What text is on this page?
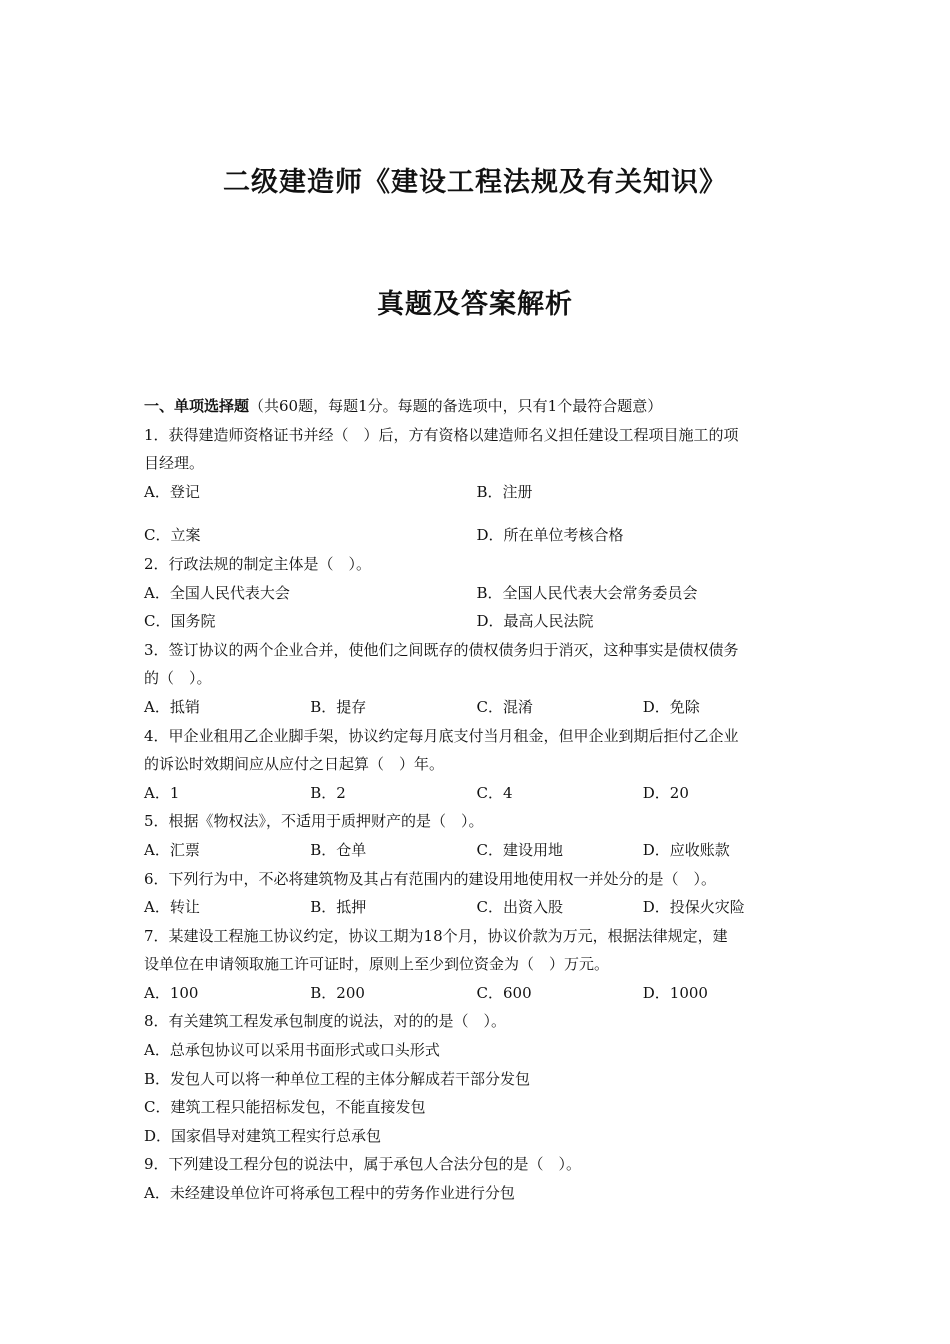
二级建造师《建设工程法规及有关知识》
真题及答案解析
一、单项选择题（共60题，每题1分。每题的备选项中，只有1个最符合题意）
1．获得建造师资格证书并经（　）后，方有资格以建造师名义担任建设工程项目施工的项
目经理。
A．登记	B．注册
C．立案	D．所在单位考核合格
2．行政法规的制定主体是（　）。
A．全国人民代表大会	B．全国人民代表大会常务委员会
C．国务院	D．最高人民法院
3．签订协议的两个企业合并，使他们之间既存的债权债务归于消灭，这种事实是债权债务
的（　）。
A．抵销	B．提存	C．混淆	D．免除
4．甲企业租用乙企业脚手架，协议约定每月底支付当月租金，但甲企业到期后拒付乙企业
的诉讼时效期间应从应付之日起算（　）年。
A．1	B．2	C．4	D．20
5．根据《物权法》，不适用于质押财产的是（　）。
A．汇票	B．仓单	C．建设用地	D．应收账款
6．下列行为中，不必将建筑物及其占有范围内的建设用地使用权一并处分的是（　）。
A．转让	B．抵押	C．出资入股	D．投保火灾险
7．某建设工程施工协议约定，协议工期为18个月，协议价款为万元，根据法律规定，建
设单位在申请领取施工许可证时，原则上至少到位资金为（　）万元。
A．100	B．200	C．600	D．1000
8．有关建筑工程发承包制度的说法，对的的是（　）。
A．总承包协议可以采用书面形式或口头形式
B．发包人可以将一种单位工程的主体分解成若干部分发包
C．建筑工程只能招标发包，不能直接发包
D．国家倡导对建筑工程实行总承包
9．下列建设工程分包的说法中，属于承包人合法分包的是（　）。
A．未经建设单位许可将承包工程中的劳务作业进行分包
